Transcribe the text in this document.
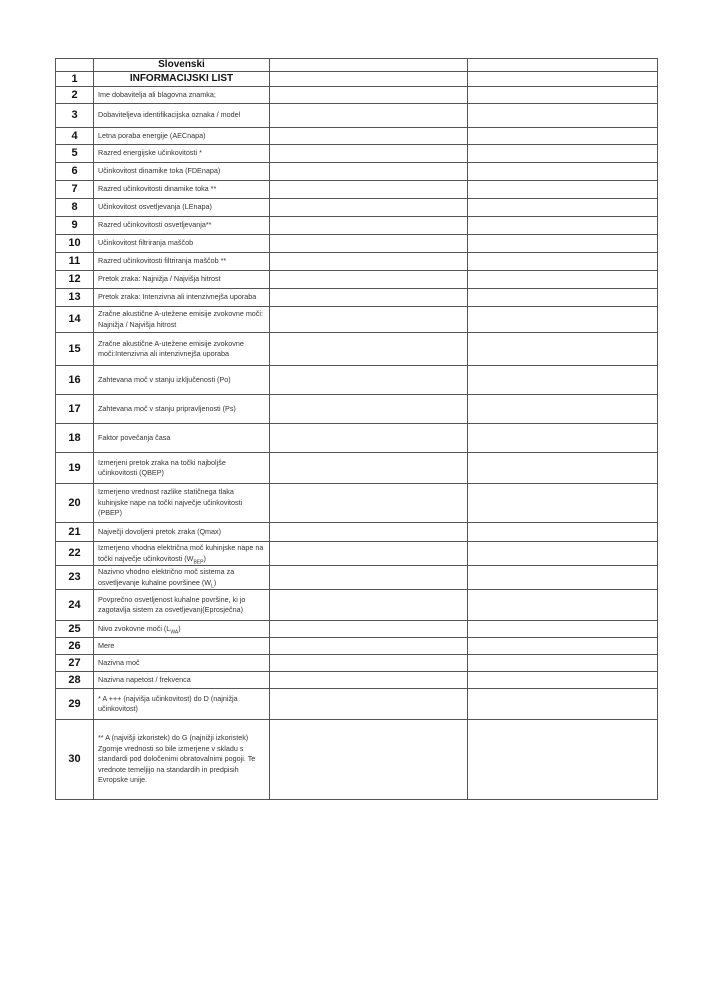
	Slovenski		
1	INFORMACIJSKI LIST		
2	Ime dobavitelja ali blagovna znamka;		
3	Dobaviteljeva identifikacijska oznaka / model		
4	Letna poraba energije (AECnapa)		
5	Razred energijske učinkovitosti *		
6	Učinkovitost dinamike toka (FDEnapa)		
7	Razred učinkovitosti dinamike toka **		
8	Učinkovitost osvetljevanja (LEnapa)		
9	Razred učinkovitosti osvetljevanja**		
10	Učinkovitost filtriranja maščob		
11	Razred učinkovitosti filtriranja maščob **		
12	Pretok zraka: Najnižja / Najvišja hitrost		
13	Pretok zraka: Intenzivna ali intenzivnejša uporaba		
14	Zračne akustične A-utežene emisije zvokovne moči: Najnižja / Najvišja hitrost		
15	Zračne akustične A-utežene emisije zvokovne moči:Intenzivna ali intenzivnejša uporaba		
16	Zahtevana moč v stanju izključenosti (Po)		
17	Zahtevana moč v stanju pripravljenosti (Ps)		
18	Faktor povečanja časa		
19	Izmerjeni pretok zraka na točki najboljše učinkovitosti (QBEP)		
20	Izmerjeno vrednost razlike statičnega tlaka kuhinjske nape na točki največje učinkovitosti (PBEP)		
21	Največji dovoljeni pretok zraka (Qmax)		
22	Izmerjeno vhodna električna moč kuhinjske nape na točki največje učinkovitosti $(W_{BEP})$		
23	Nazivno vhodno električno moč sistema za osvetljevanje kuhalne površinee $(W_L)$		
24	Povprečno osvetljenost kuhalne površine, ki jo zagotavlja sistem za osvetljevanj(Eprosječna)		
25	Nivo zvokovne moči $(L_{WA})$		
26	Mere		
27	Nazivna moč		
28	Nazivna napetost / frekvenca		
29	* A +++ (najvišja učinkovitost) do D (najnižja učinkovitost)		
30	** A (najvišji izkoristek) do G (najnižji izkoristek)
Zgornje vrednosti so bile izmerjene v skladu s standardi pod določenimi obratovalnimi pogoji. Te vrednote temeljijo na standardih in predpisih Evropske unije.		
